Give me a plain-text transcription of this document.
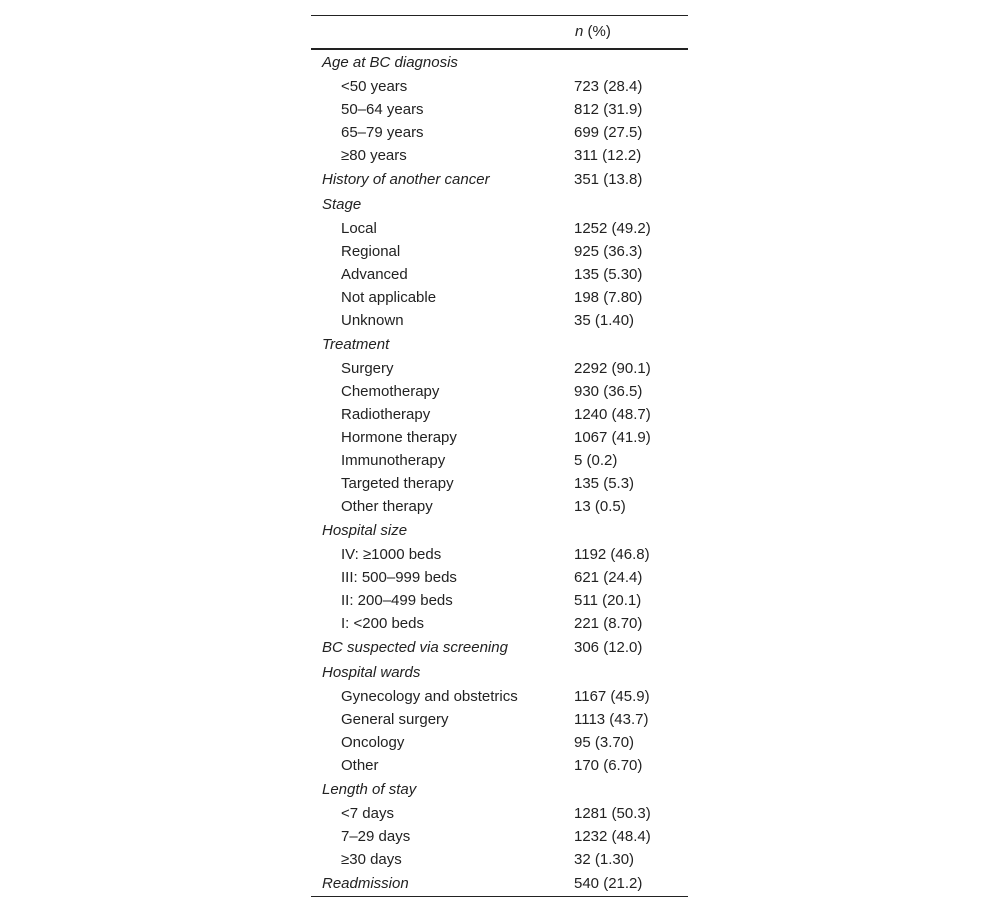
	n (%)
Age at BC diagnosis	
<50 years	723 (28.4)
50–64 years	812 (31.9)
65–79 years	699 (27.5)
≥80 years	311 (12.2)
History of another cancer	351 (13.8)
Stage	
Local	1252 (49.2)
Regional	925 (36.3)
Advanced	135 (5.30)
Not applicable	198 (7.80)
Unknown	35 (1.40)
Treatment	
Surgery	2292 (90.1)
Chemotherapy	930 (36.5)
Radiotherapy	1240 (48.7)
Hormone therapy	1067 (41.9)
Immunotherapy	5 (0.2)
Targeted therapy	135 (5.3)
Other therapy	13 (0.5)
Hospital size	
IV: ≥1000 beds	1192 (46.8)
III: 500–999 beds	621 (24.4)
II: 200–499 beds	511 (20.1)
I: <200 beds	221 (8.70)
BC suspected via screening	306 (12.0)
Hospital wards	
Gynecology and obstetrics	1167 (45.9)
General surgery	1113 (43.7)
Oncology	95 (3.70)
Other	170 (6.70)
Length of stay	
<7 days	1281 (50.3)
7–29 days	1232 (48.4)
≥30 days	32 (1.30)
Readmission	540 (21.2)
